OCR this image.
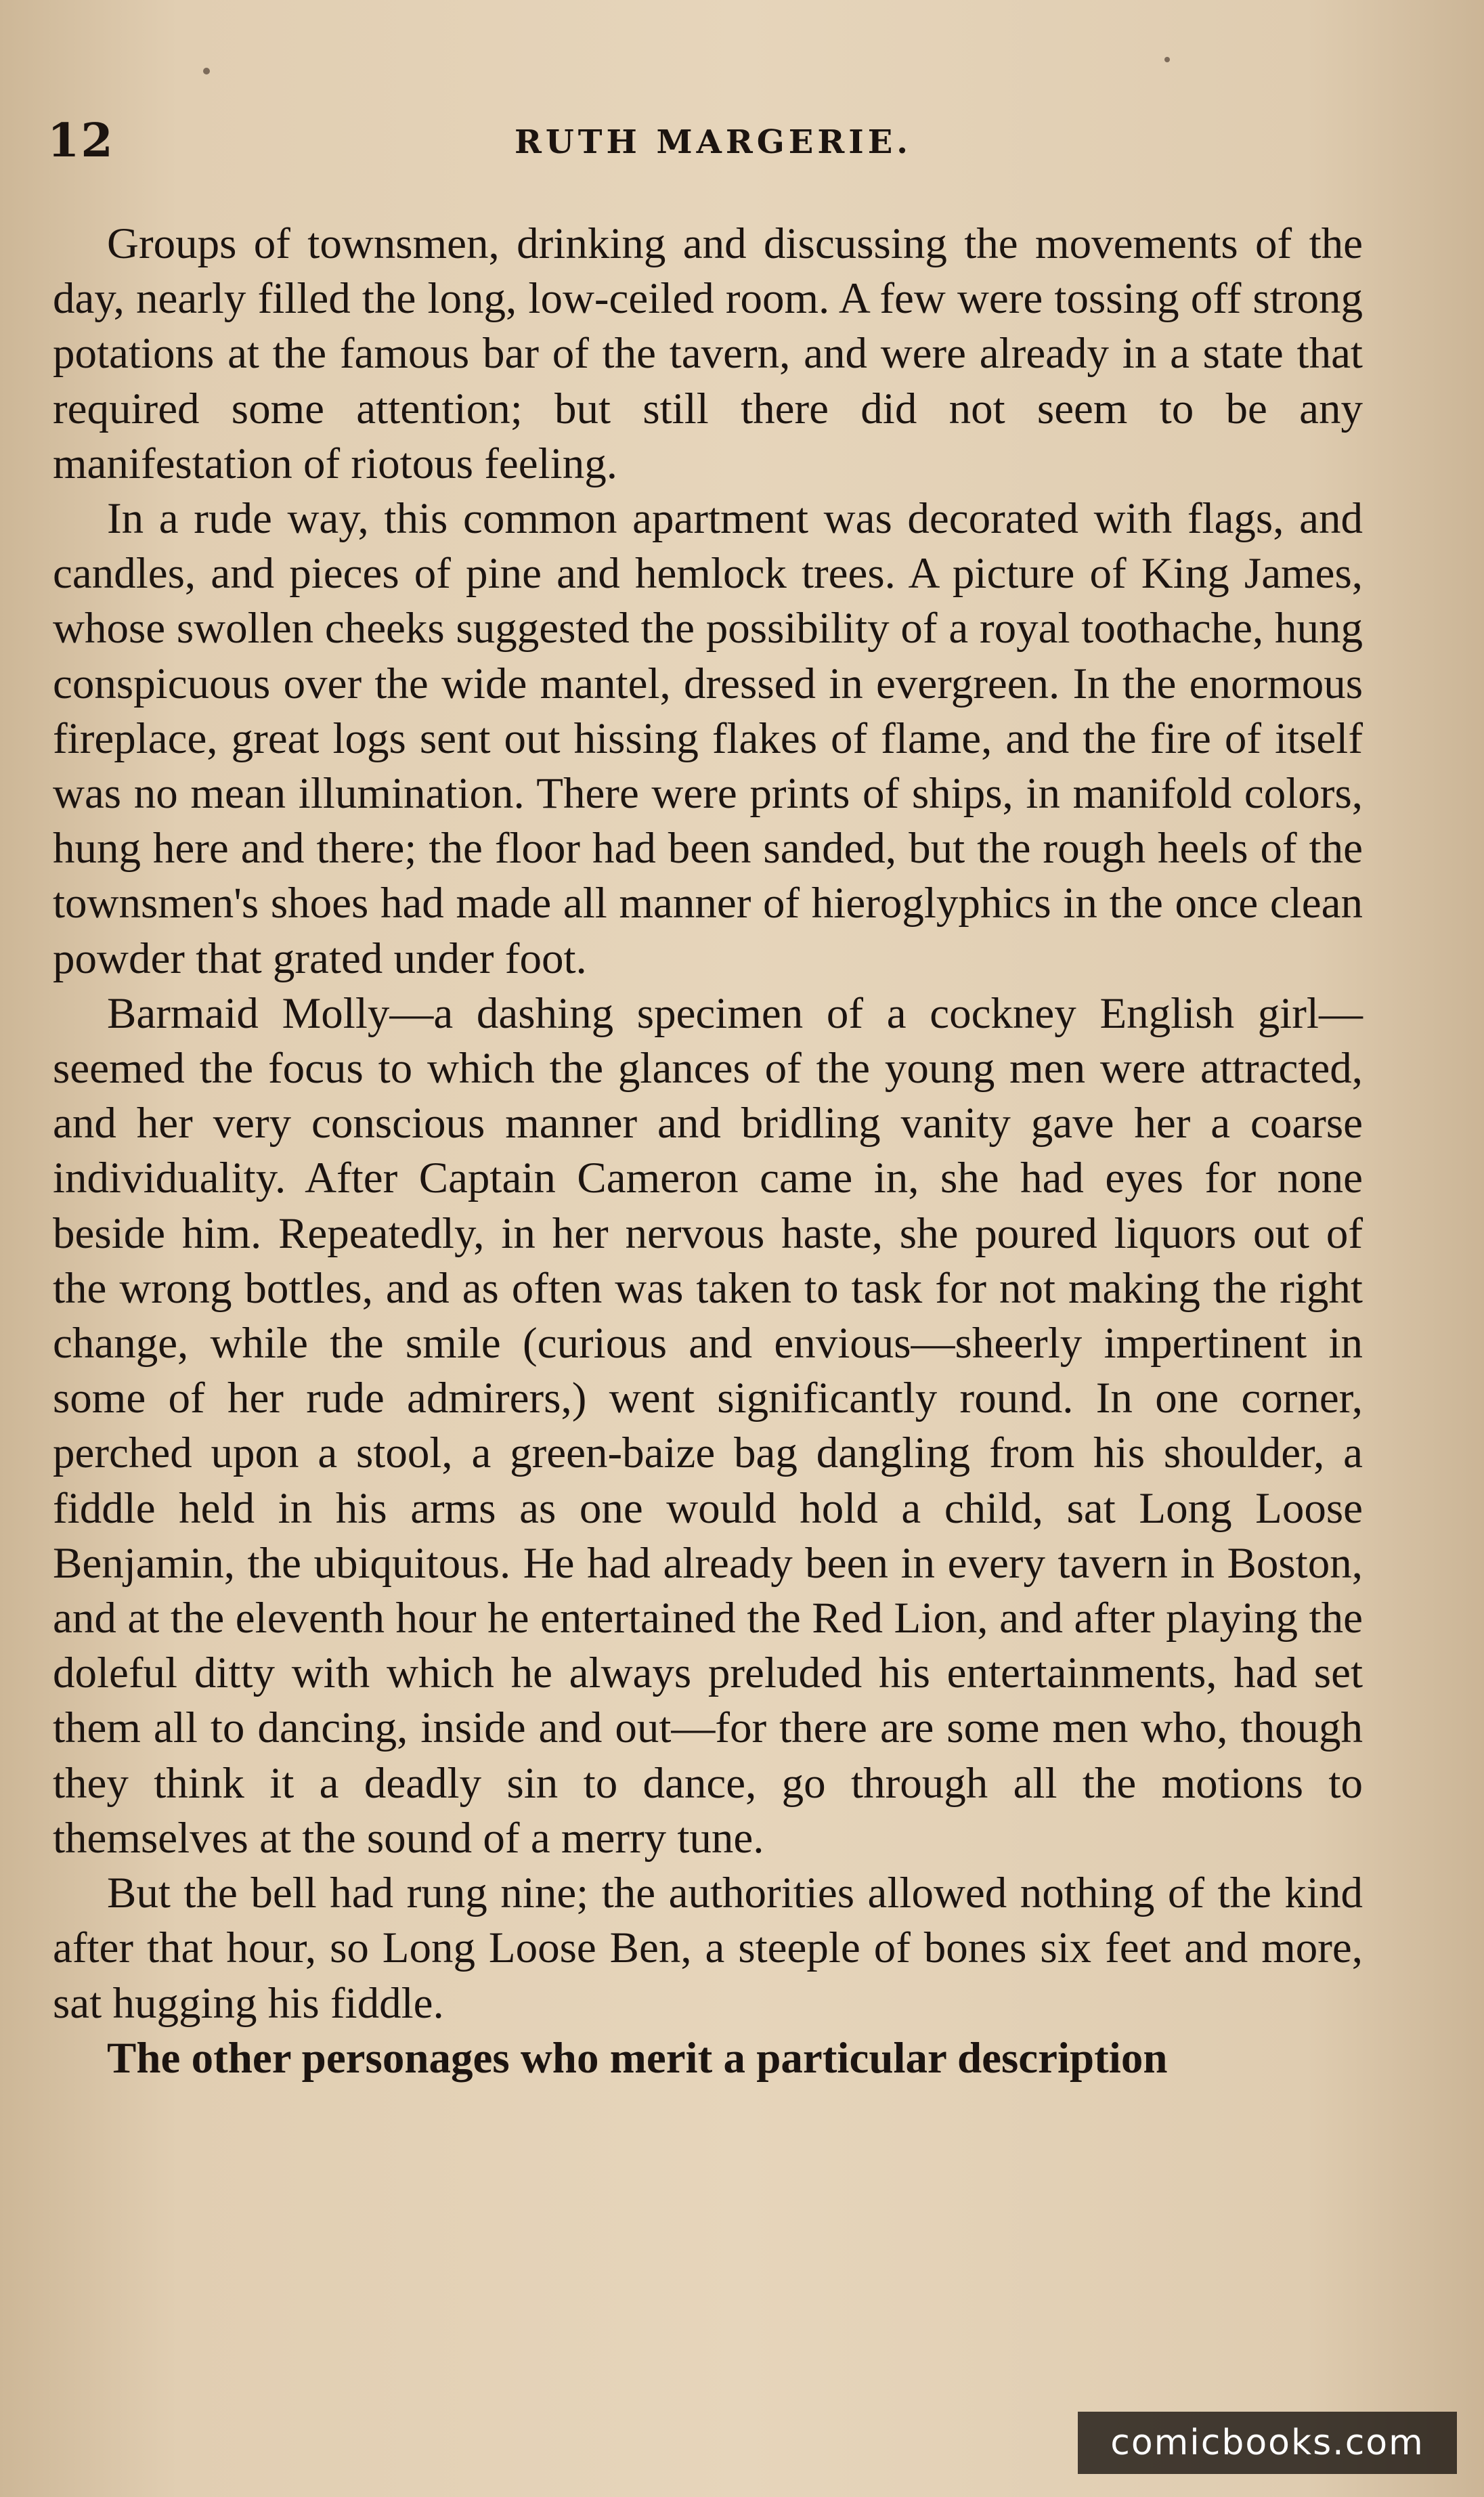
12	RUTH MARGERIE.

Groups of townsmen, drinking and discussing the movements of the day, nearly filled the long, low-ceiled room. A few were tossing off strong potations at the famous bar of the tavern, and were already in a state that required some attention; but still there did not seem to be any manifestation of riotous feeling.

In a rude way, this common apartment was decorated with flags, and candles, and pieces of pine and hemlock trees. A picture of King James, whose swollen cheeks suggested the possibility of a royal toothache, hung conspicuous over the wide mantel, dressed in evergreen. In the enormous fireplace, great logs sent out hissing flakes of flame, and the fire of itself was no mean illumination. There were prints of ships, in manifold colors, hung here and there; the floor had been sanded, but the rough heels of the townsmen's shoes had made all manner of hieroglyphics in the once clean powder that grated under foot.

Barmaid Molly—a dashing specimen of a cockney English girl—seemed the focus to which the glances of the young men were attracted, and her very conscious manner and bridling vanity gave her a coarse individuality. After Captain Cameron came in, she had eyes for none beside him. Repeatedly, in her nervous haste, she poured liquors out of the wrong bottles, and as often was taken to task for not making the right change, while the smile (curious and envious—sheerly impertinent in some of her rude admirers,) went significantly round. In one corner, perched upon a stool, a green-baize bag dangling from his shoulder, a fiddle held in his arms as one would hold a child, sat Long Loose Benjamin, the ubiquitous. He had already been in every tavern in Boston, and at the eleventh hour he entertained the Red Lion, and after playing the doleful ditty with which he always preluded his entertainments, had set them all to dancing, inside and out—for there are some men who, though they think it a deadly sin to dance, go through all the motions to themselves at the sound of a merry tune.

But the bell had rung nine; the authorities allowed nothing of the kind after that hour, so Long Loose Ben, a steeple of bones six feet and more, sat hugging his fiddle.

The other personages who merit a particular description

comicbooks.com
